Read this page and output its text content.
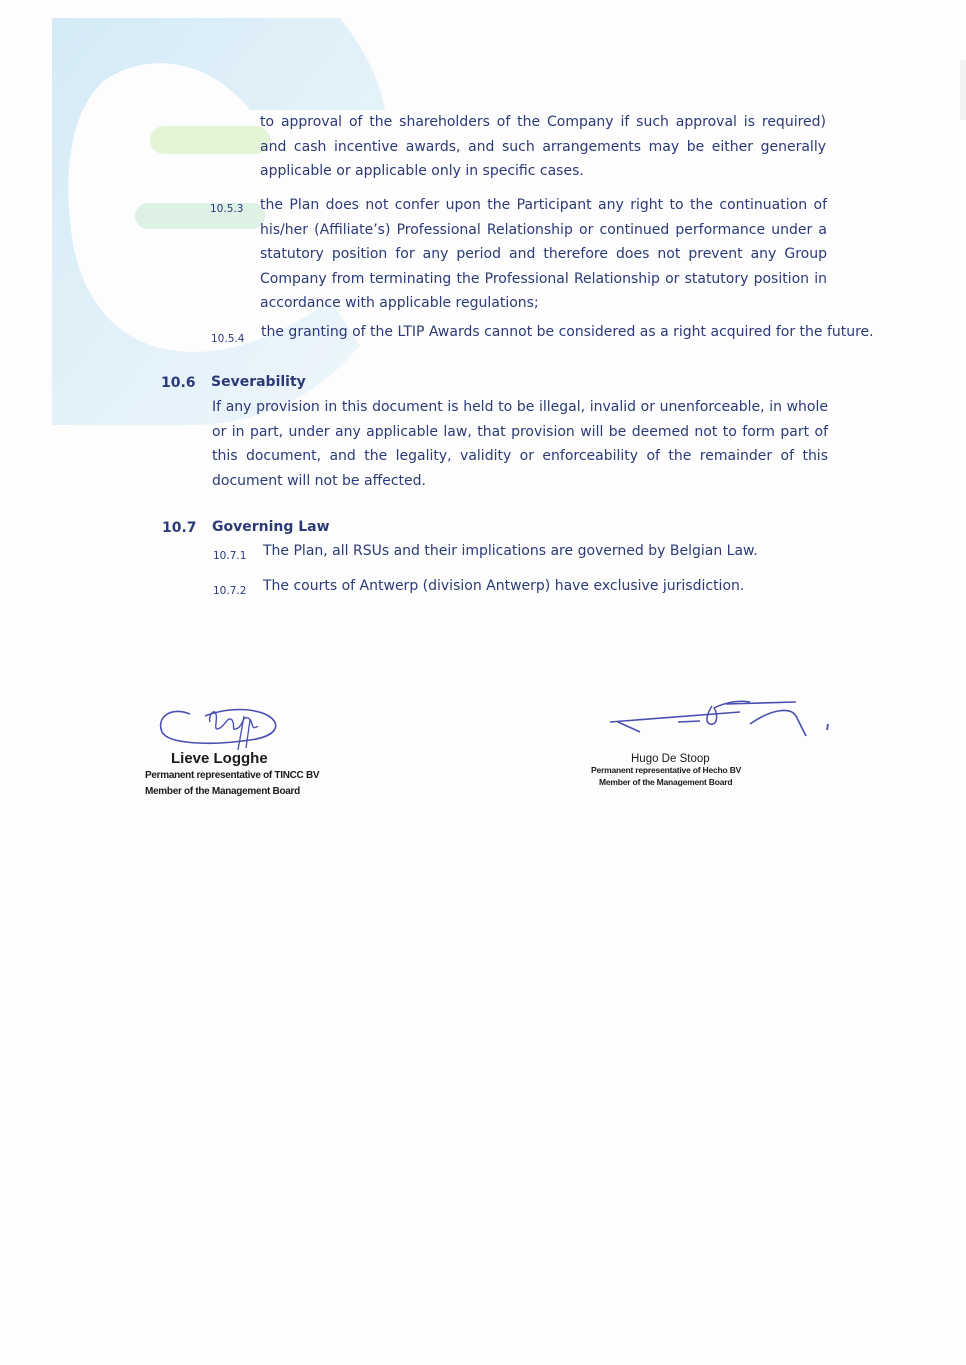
to approval of the shareholders of the Company if such approval is required) and cash incentive awards, and such arrangements may be either generally applicable or applicable only in specific cases.

10.5.3 the Plan does not confer upon the Participant any right to the continuation of his/her (Affiliate’s) Professional Relationship or continued performance under a statutory position for any period and therefore does not prevent any Group Company from terminating the Professional Relationship or statutory position in accordance with applicable regulations;

10.5.4 the granting of the LTIP Awards cannot be considered as a right acquired for the future.
10.6 Severability

If any provision in this document is held to be illegal, invalid or unenforceable, in whole or in part, under any applicable law, that provision will be deemed not to form part of this document, and the legality, validity or enforceability of the remainder of this document will not be affected.

10.7 Governing Law
10.7.1 The Plan, all RSUs and their implications are governed by Belgian Law.
10.7.2 The courts of Antwerp (division Antwerp) have exclusive jurisdiction.
Lieve Logghe
Permanent representative of TINCC BV
Member of the Management Board
Hugo De Stoop
Permanent representative of Hecho BV
Member of the Management Board
